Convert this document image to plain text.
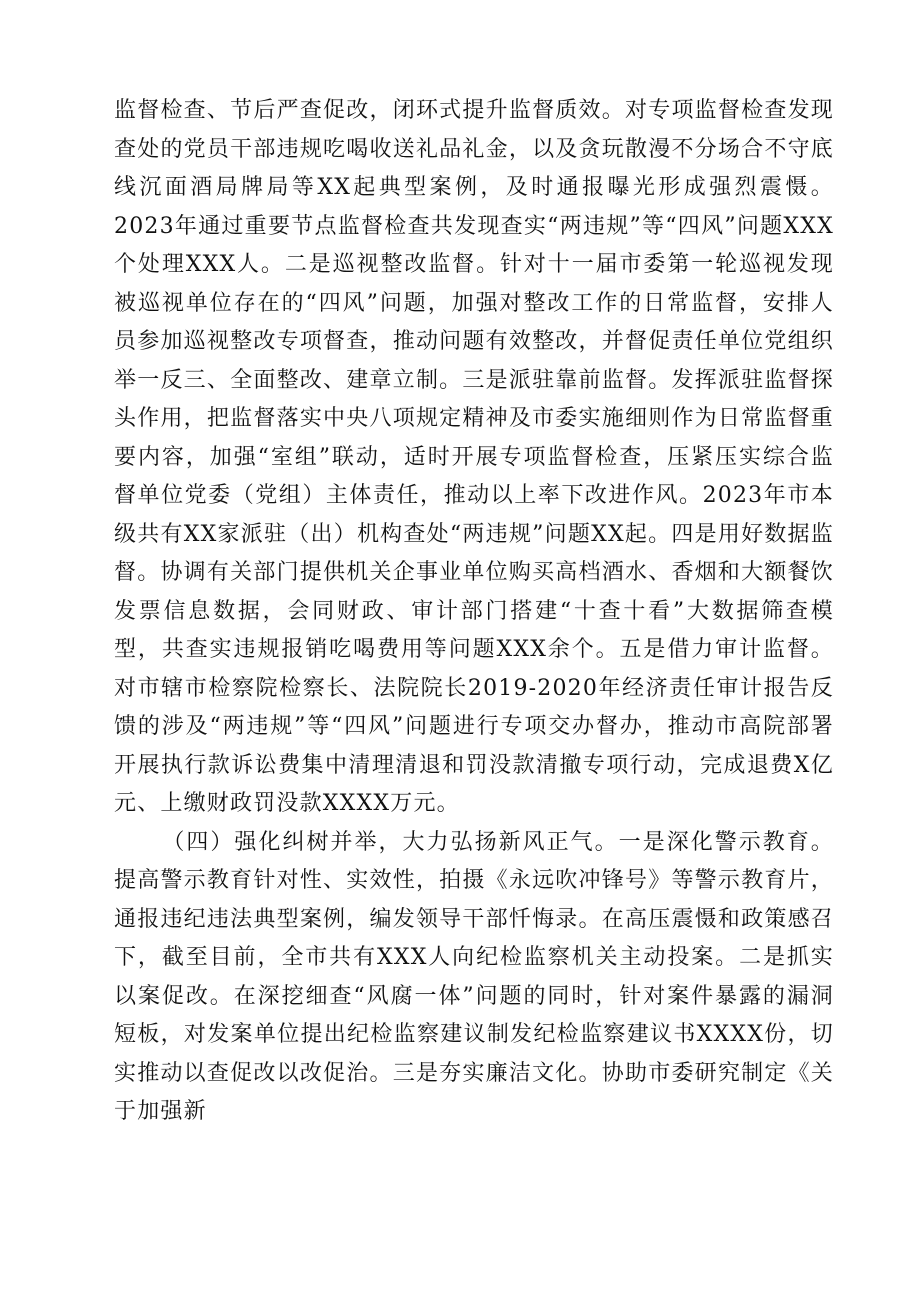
监督检查、节后严查促改，闭环式提升监督质效。对专项监督检查发现查处的党员干部违规吃喝收送礼品礼金，以及贪玩散漫不分场合不守底线沉面酒局牌局等XX起典型案例，及时通报曝光形成强烈震慑。2023年通过重要节点监督检查共发现查实“两违规”等“四风”问题XXX个处理XXX人。二是巡视整改监督。针对十一届市委第一轮巡视发现被巡视单位存在的“四风”问题，加强对整改工作的日常监督，安排人员参加巡视整改专项督查，推动问题有效整改，并督促责任单位党组织举一反三、全面整改、建章立制。三是派驻靠前监督。发挥派驻监督探头作用，把监督落实中央八项规定精神及市委实施细则作为日常监督重要内容，加强“室组”联动，适时开展专项监督检查，压紧压实综合监督单位党委（党组）主体责任，推动以上率下改进作风。2023年市本级共有XX家派驻（出）机构查处“两违规”问题XX起。四是用好数据监督。协调有关部门提供机关企事业单位购买高档酒水、香烟和大额餐饮发票信息数据，会同财政、审计部门搭建“十查十看”大数据筛查模型，共查实违规报销吃喝费用等问题XXX余个。五是借力审计监督。对市辖市检察院检察长、法院院长2019-2020年经济责任审计报告反馈的涉及“两违规”等“四风”问题进行专项交办督办，推动市高院部署开展执行款诉讼费集中清理清退和罚没款清撤专项行动，完成退费X亿元、上缴财政罚没款XXXX万元。

（四）强化纠树并举，大力弘扬新风正气。一是深化警示教育。提高警示教育针对性、实效性，拍摄《永远吹冲锋号》等警示教育片，通报违纪违法典型案例，编发领导干部忏悔录。在高压震慑和政策感召下，截至目前，全市共有XXX人向纪检监察机关主动投案。二是抓实以案促改。在深挖细查“风腐一体”问题的同时，针对案件暴露的漏洞短板，对发案单位提出纪检监察建议制发纪检监察建议书XXXX份，切实推动以查促改以改促治。三是夯实廉洁文化。协助市委研究制定《关于加强新
